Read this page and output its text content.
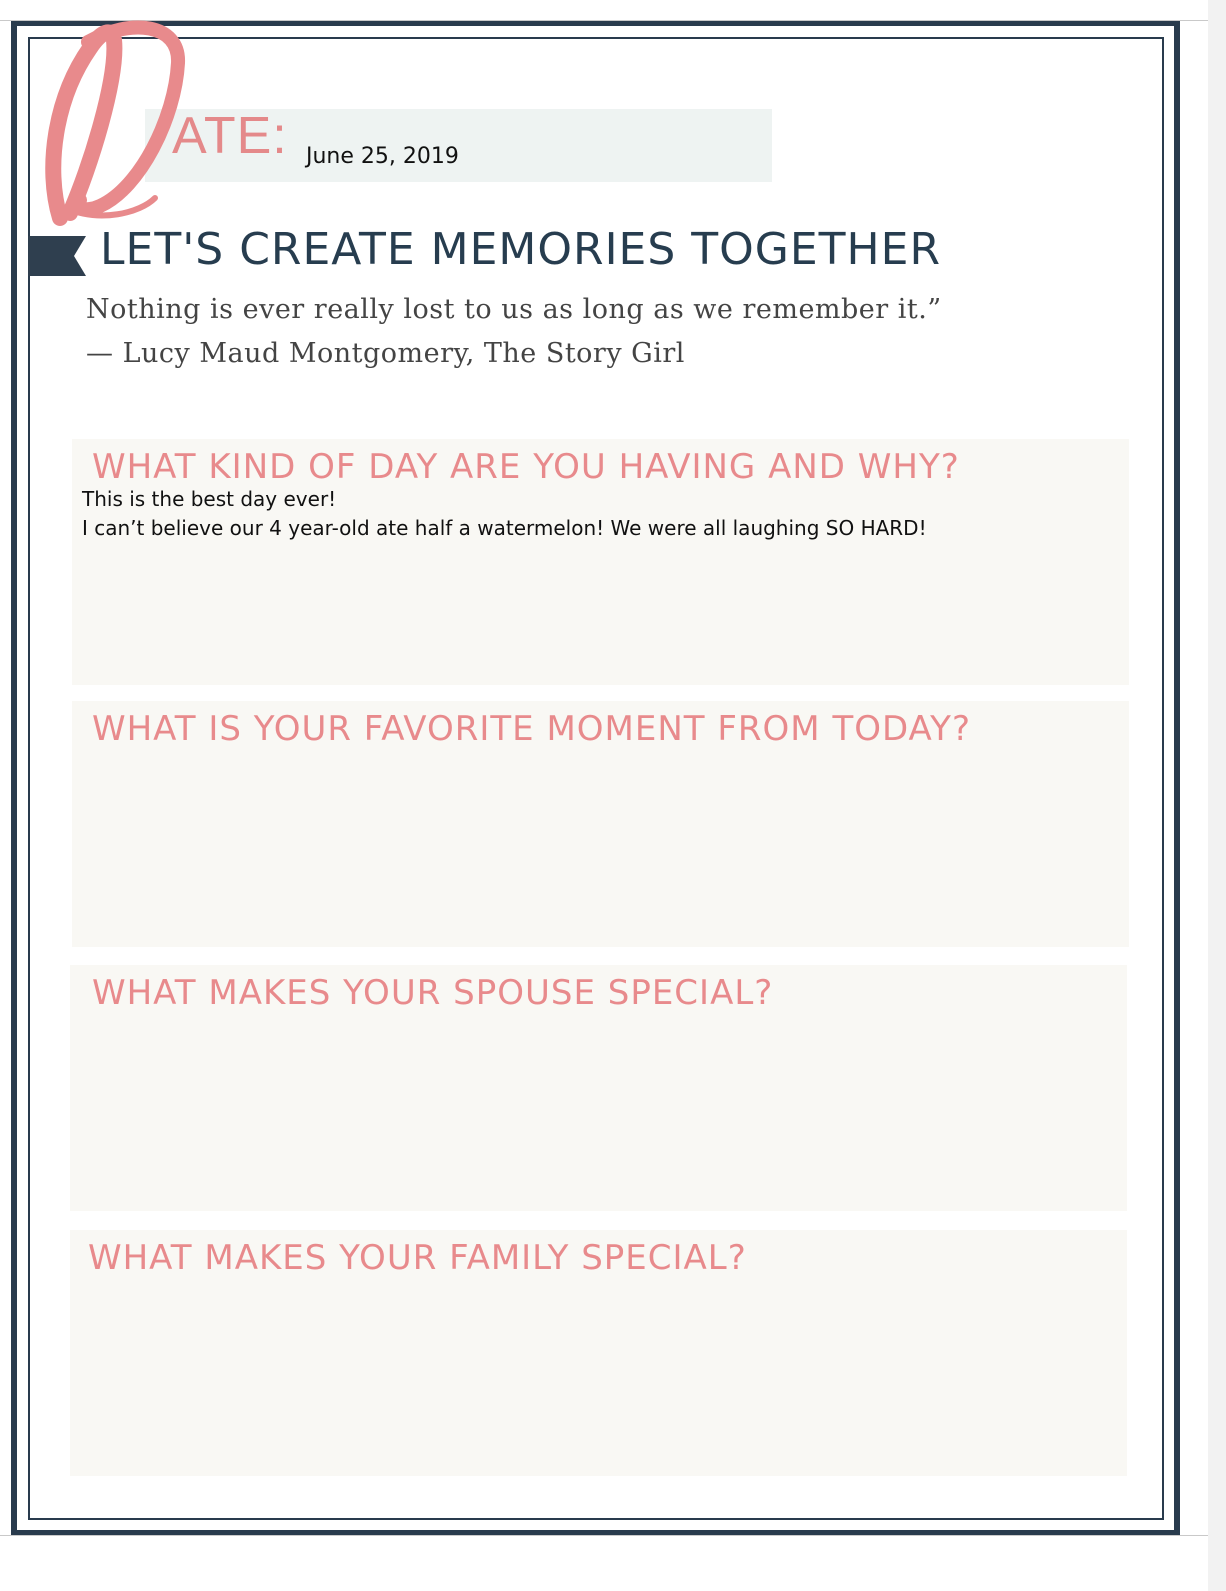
ATE: June 25, 2019
LET'S CREATE MEMORIES TOGETHER
Nothing is ever really lost to us as long as we remember it.”
— Lucy Maud Montgomery, The Story Girl
WHAT KIND OF DAY ARE YOU HAVING AND WHY?
This is the best day ever!
I can’t believe our 4 year-old ate half a watermelon! We were all laughing SO HARD!
WHAT IS YOUR FAVORITE MOMENT FROM TODAY?
WHAT MAKES YOUR SPOUSE SPECIAL?
WHAT MAKES YOUR FAMILY SPECIAL?
